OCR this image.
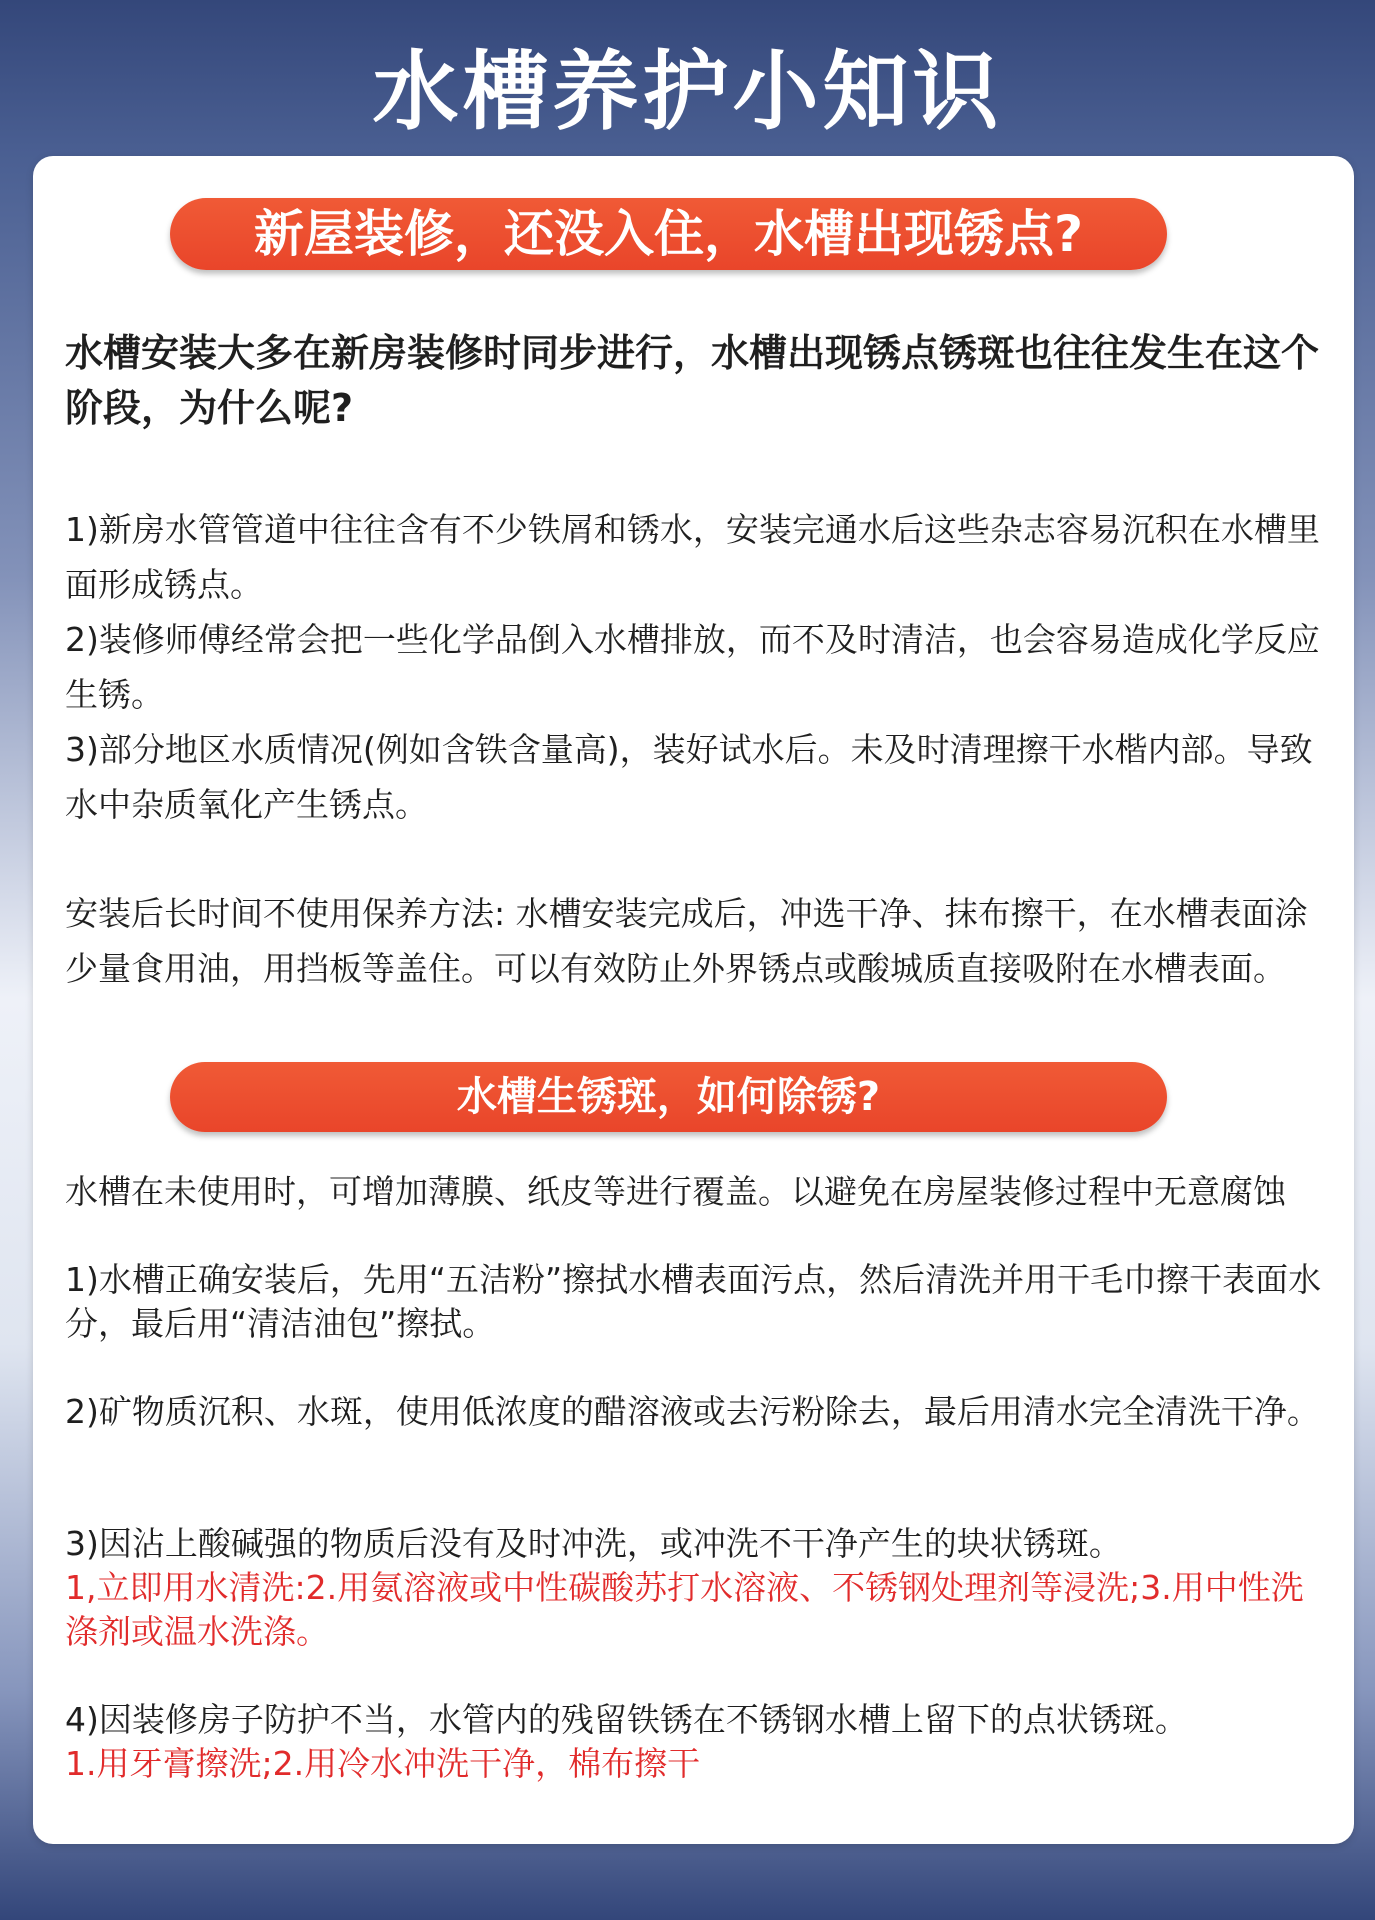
水槽养护小知识
新屋装修，还没入住，水槽出现锈点?

水槽安装大多在新房装修时同步进行，水槽出现锈点锈斑也往往发生在这个阶段，为什么呢?

1)新房水管管道中往往含有不少铁屑和锈水，安装完通水后这些杂志容易沉积在水槽里面形成锈点。

2)装修师傅经常会把一些化学品倒入水槽排放，而不及时清洁，也会容易造成化学反应生锈。

3)部分地区水质情况(例如含铁含量高)，装好试水后。未及时清理擦干水楷内部。导致水中杂质氧化产生锈点。

安装后长时间不使用保养方法: 水槽安装完成后，冲选干净、抹布擦干，在水槽表面涂少量食用油，用挡板等盖住。可以有效防止外界锈点或酸城质直接吸附在水槽表面。

水槽生锈斑，如何除锈?

水槽在未使用时，可增加薄膜、纸皮等进行覆盖。以避免在房屋装修过程中无意腐蚀

1)水槽正确安装后，先用“五洁粉”擦拭水槽表面污点，然后清洗并用干毛巾擦干表面水分，最后用“清洁油包”擦拭。

2)矿物质沉积、水斑，使用低浓度的醋溶液或去污粉除去，最后用清水完全清洗干净。

3)因沾上酸碱强的物质后没有及时冲洗，或冲洗不干净产生的块状锈斑。

1,立即用水清洗:2.用氨溶液或中性碳酸苏打水溶液、不锈钢处理剂等浸洗;3.用中性洗涤剂或温水洗涤。

4)因装修房子防护不当，水管内的残留铁锈在不锈钢水槽上留下的点状锈斑。

1.用牙膏擦洗;2.用冷水冲洗干净，棉布擦干
